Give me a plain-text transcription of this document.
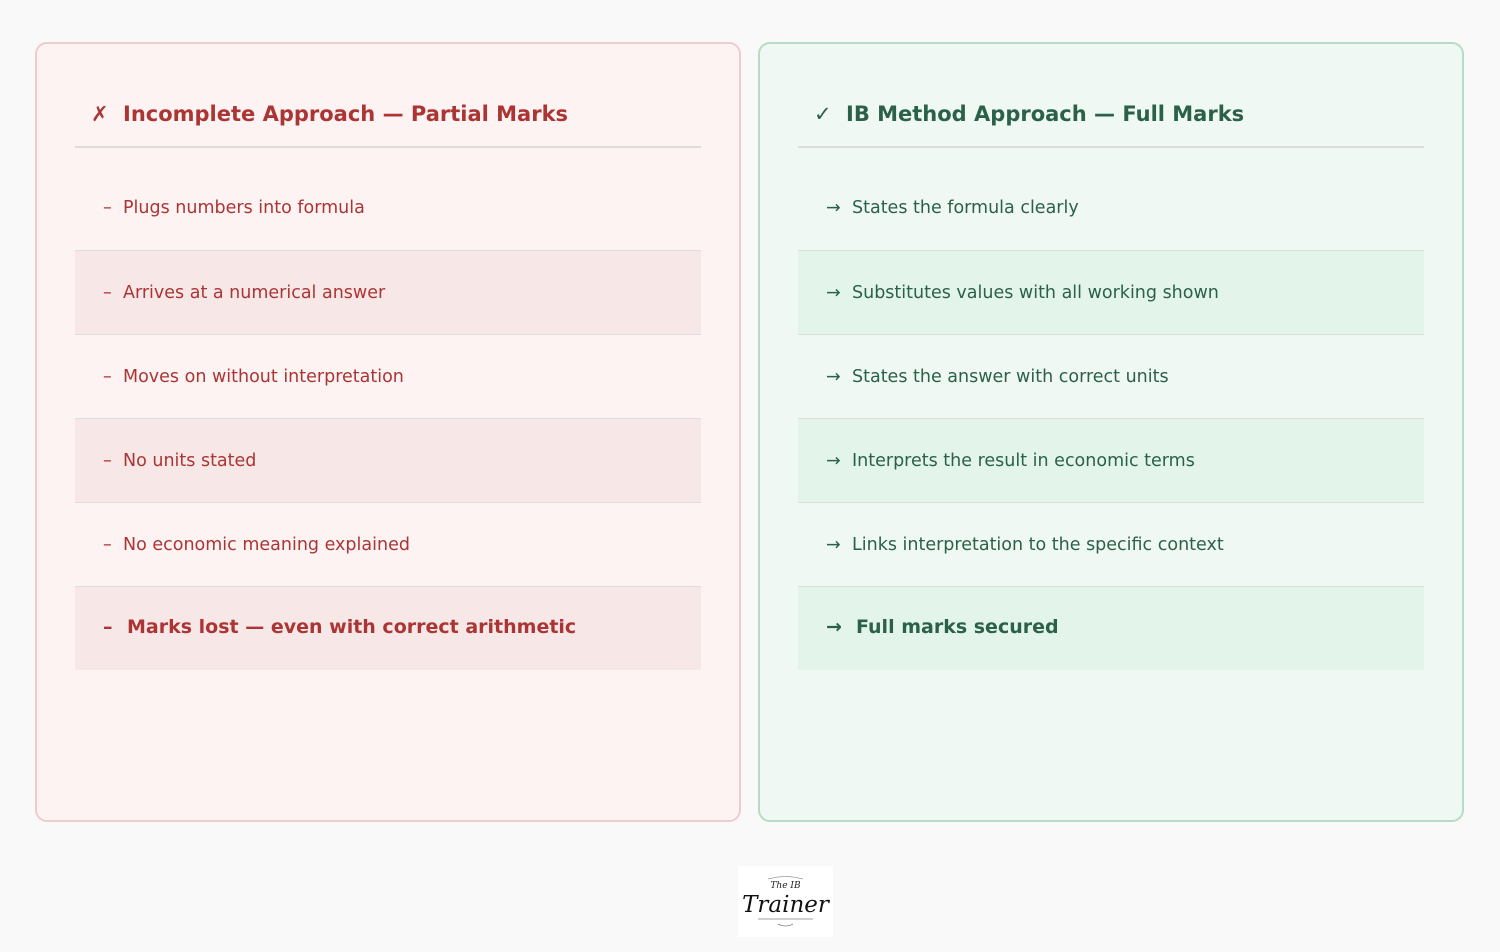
✗ Incomplete Approach — Partial Marks
– Plugs numbers into formula
– Arrives at a numerical answer
– Moves on without interpretation
– No units stated
– No economic meaning explained
– Marks lost — even with correct arithmetic
✓ IB Method Approach — Full Marks
→ States the formula clearly
→ Substitutes values with all working shown
→ States the answer with correct units
→ Interprets the result in economic terms
→ Links interpretation to the specific context
→ Full marks secured
The IB
Trainer
